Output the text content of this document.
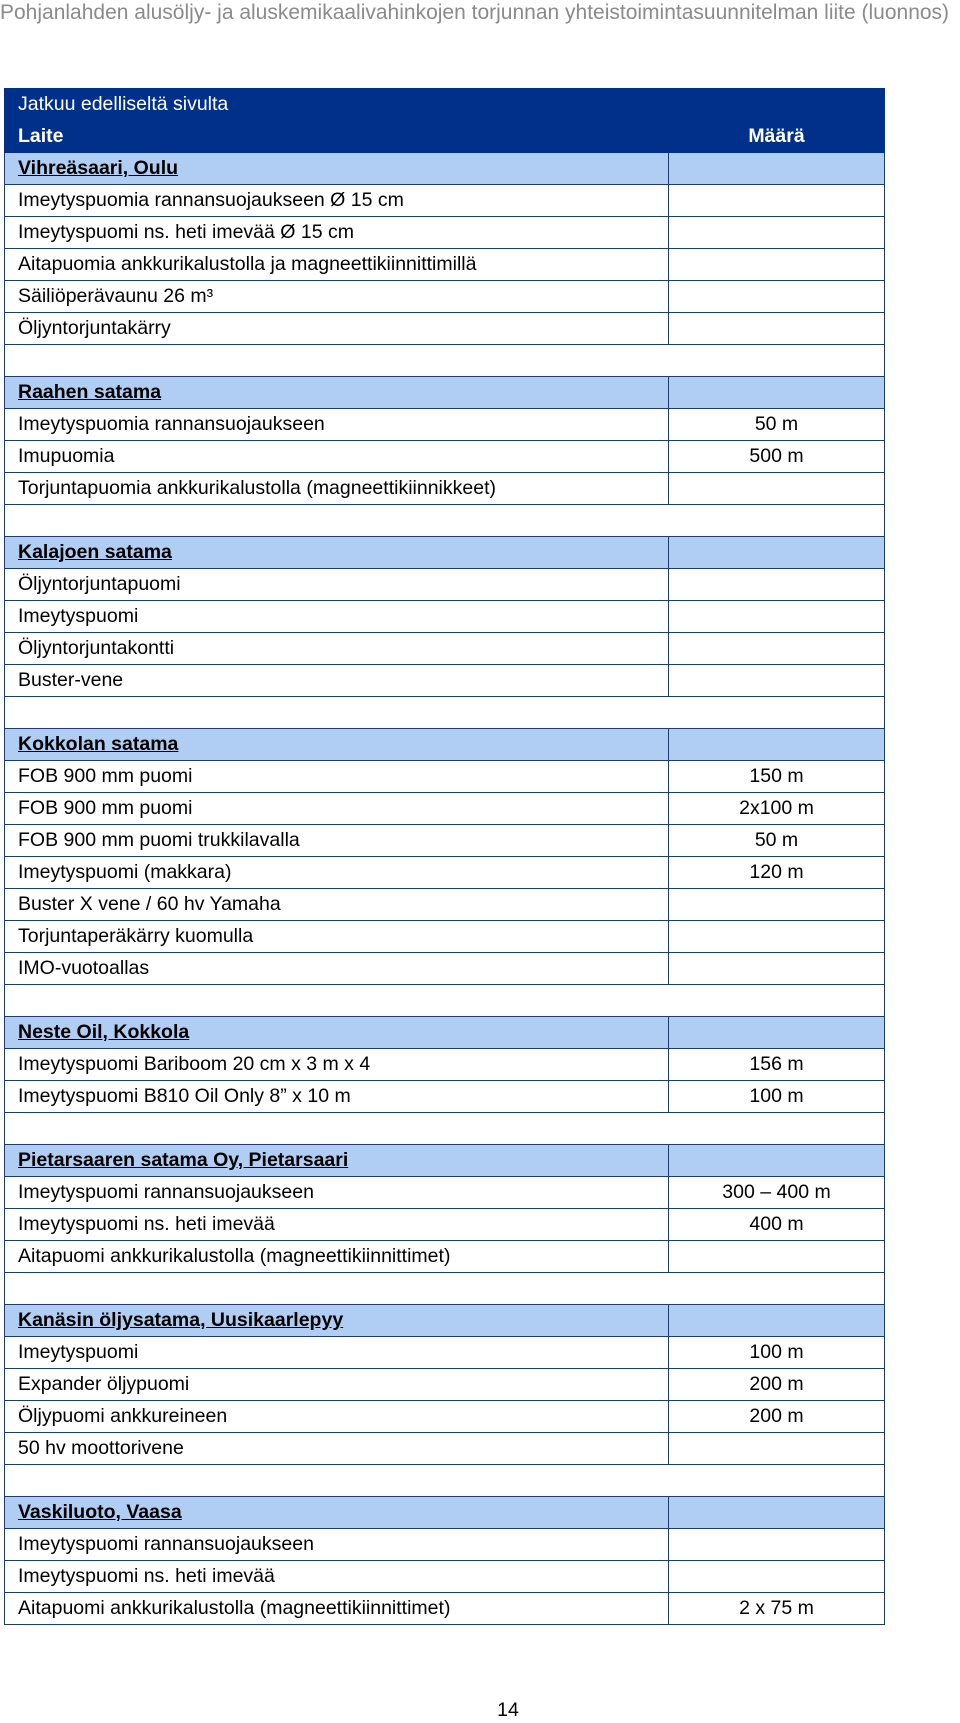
Pohjanlahden alusöljy- ja aluskemikaalivahinkojen torjunnan yhteistoimintasuunnitelman liite (luonnos)
Jatkuu edelliseltä sivulta	
Laite	Määrä
Vihreäsaari, Oulu	
Imeytyspuomia rannansuojaukseen Ø 15 cm	
Imeytyspuomi ns. heti imevää Ø 15 cm	
Aitapuomia ankkurikalustolla ja magneettikiinnittimillä	
Säiliöperävaunu 26 m³	
Öljyntorjuntakärry	

Raahen satama	
Imeytyspuomia rannansuojaukseen	50 m
Imupuomia	500 m
Torjuntapuomia ankkurikalustolla (magneettikiinnikkeet)	

Kalajoen satama	
Öljyntorjuntapuomi	
Imeytyspuomi	
Öljyntorjuntakontti	
Buster-vene	

Kokkolan satama	
FOB 900 mm puomi	150 m
FOB 900 mm puomi	2x100 m
FOB 900 mm puomi trukkilavalla	50 m
Imeytyspuomi (makkara)	120 m
Buster X vene / 60 hv Yamaha	
Torjuntaperäkärry kuomulla	
IMO-vuotoallas	

Neste Oil, Kokkola	
Imeytyspuomi Bariboom 20 cm x 3 m x 4	156 m
Imeytyspuomi B810 Oil Only 8” x 10 m	100 m

Pietarsaaren satama Oy, Pietarsaari	
Imeytyspuomi rannansuojaukseen	300 – 400 m
Imeytyspuomi ns. heti imevää	400 m
Aitapuomi ankkurikalustolla (magneettikiinnittimet)	

Kanäsin öljysatama, Uusikaarlepyy	
Imeytyspuomi	100 m
Expander öljypuomi	200 m
Öljypuomi ankkureineen	200 m
50 hv moottorivene	

Vaskiluoto, Vaasa	
Imeytyspuomi rannansuojaukseen	
Imeytyspuomi ns. heti imevää	
Aitapuomi ankkurikalustolla (magneettikiinnittimet)	2 x 75 m
14
